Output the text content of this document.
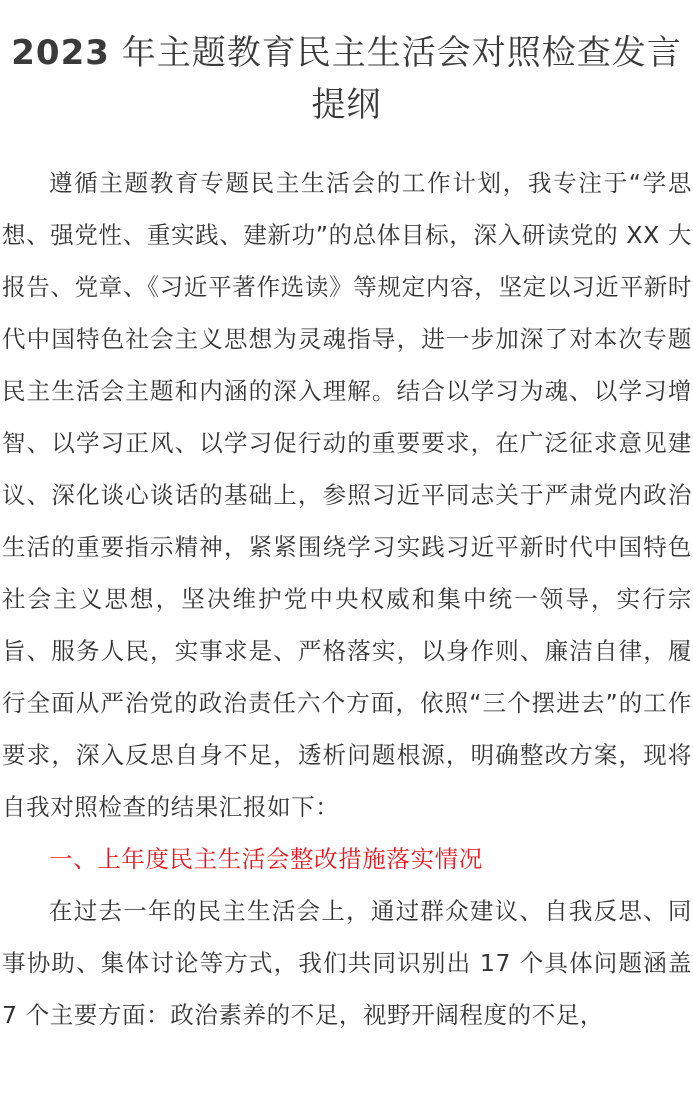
2023 年主题教育民主生活会对照检查发言提纲

遵循主题教育专题民主生活会的工作计划，我专注于“学思想、强党性、重实践、建新功”的总体目标，深入研读党的 XX 大报告、党章、《习近平著作选读》等规定内容，坚定以习近平新时代中国特色社会主义思想为灵魂指导，进一步加深了对本次专题民主生活会主题和内涵的深入理解。结合以学习为魂、以学习增智、以学习正风、以学习促行动的重要要求，在广泛征求意见建议、深化谈心谈话的基础上，参照习近平同志关于严肃党内政治生活的重要指示精神，紧紧围绕学习实践习近平新时代中国特色社会主义思想，坚决维护党中央权威和集中统一领导，实行宗旨、服务人民，实事求是、严格落实，以身作则、廉洁自律，履行全面从严治党的政治责任六个方面，依照“三个摆进去”的工作要求，深入反思自身不足，透析问题根源，明确整改方案，现将自我对照检查的结果汇报如下：

一、上年度民主生活会整改措施落实情况

在过去一年的民主生活会上，通过群众建议、自我反思、同事协助、集体讨论等方式，我们共同识别出 17 个具体问题涵盖 7 个主要方面：政治素养的不足，视野开阔程度的不足，
